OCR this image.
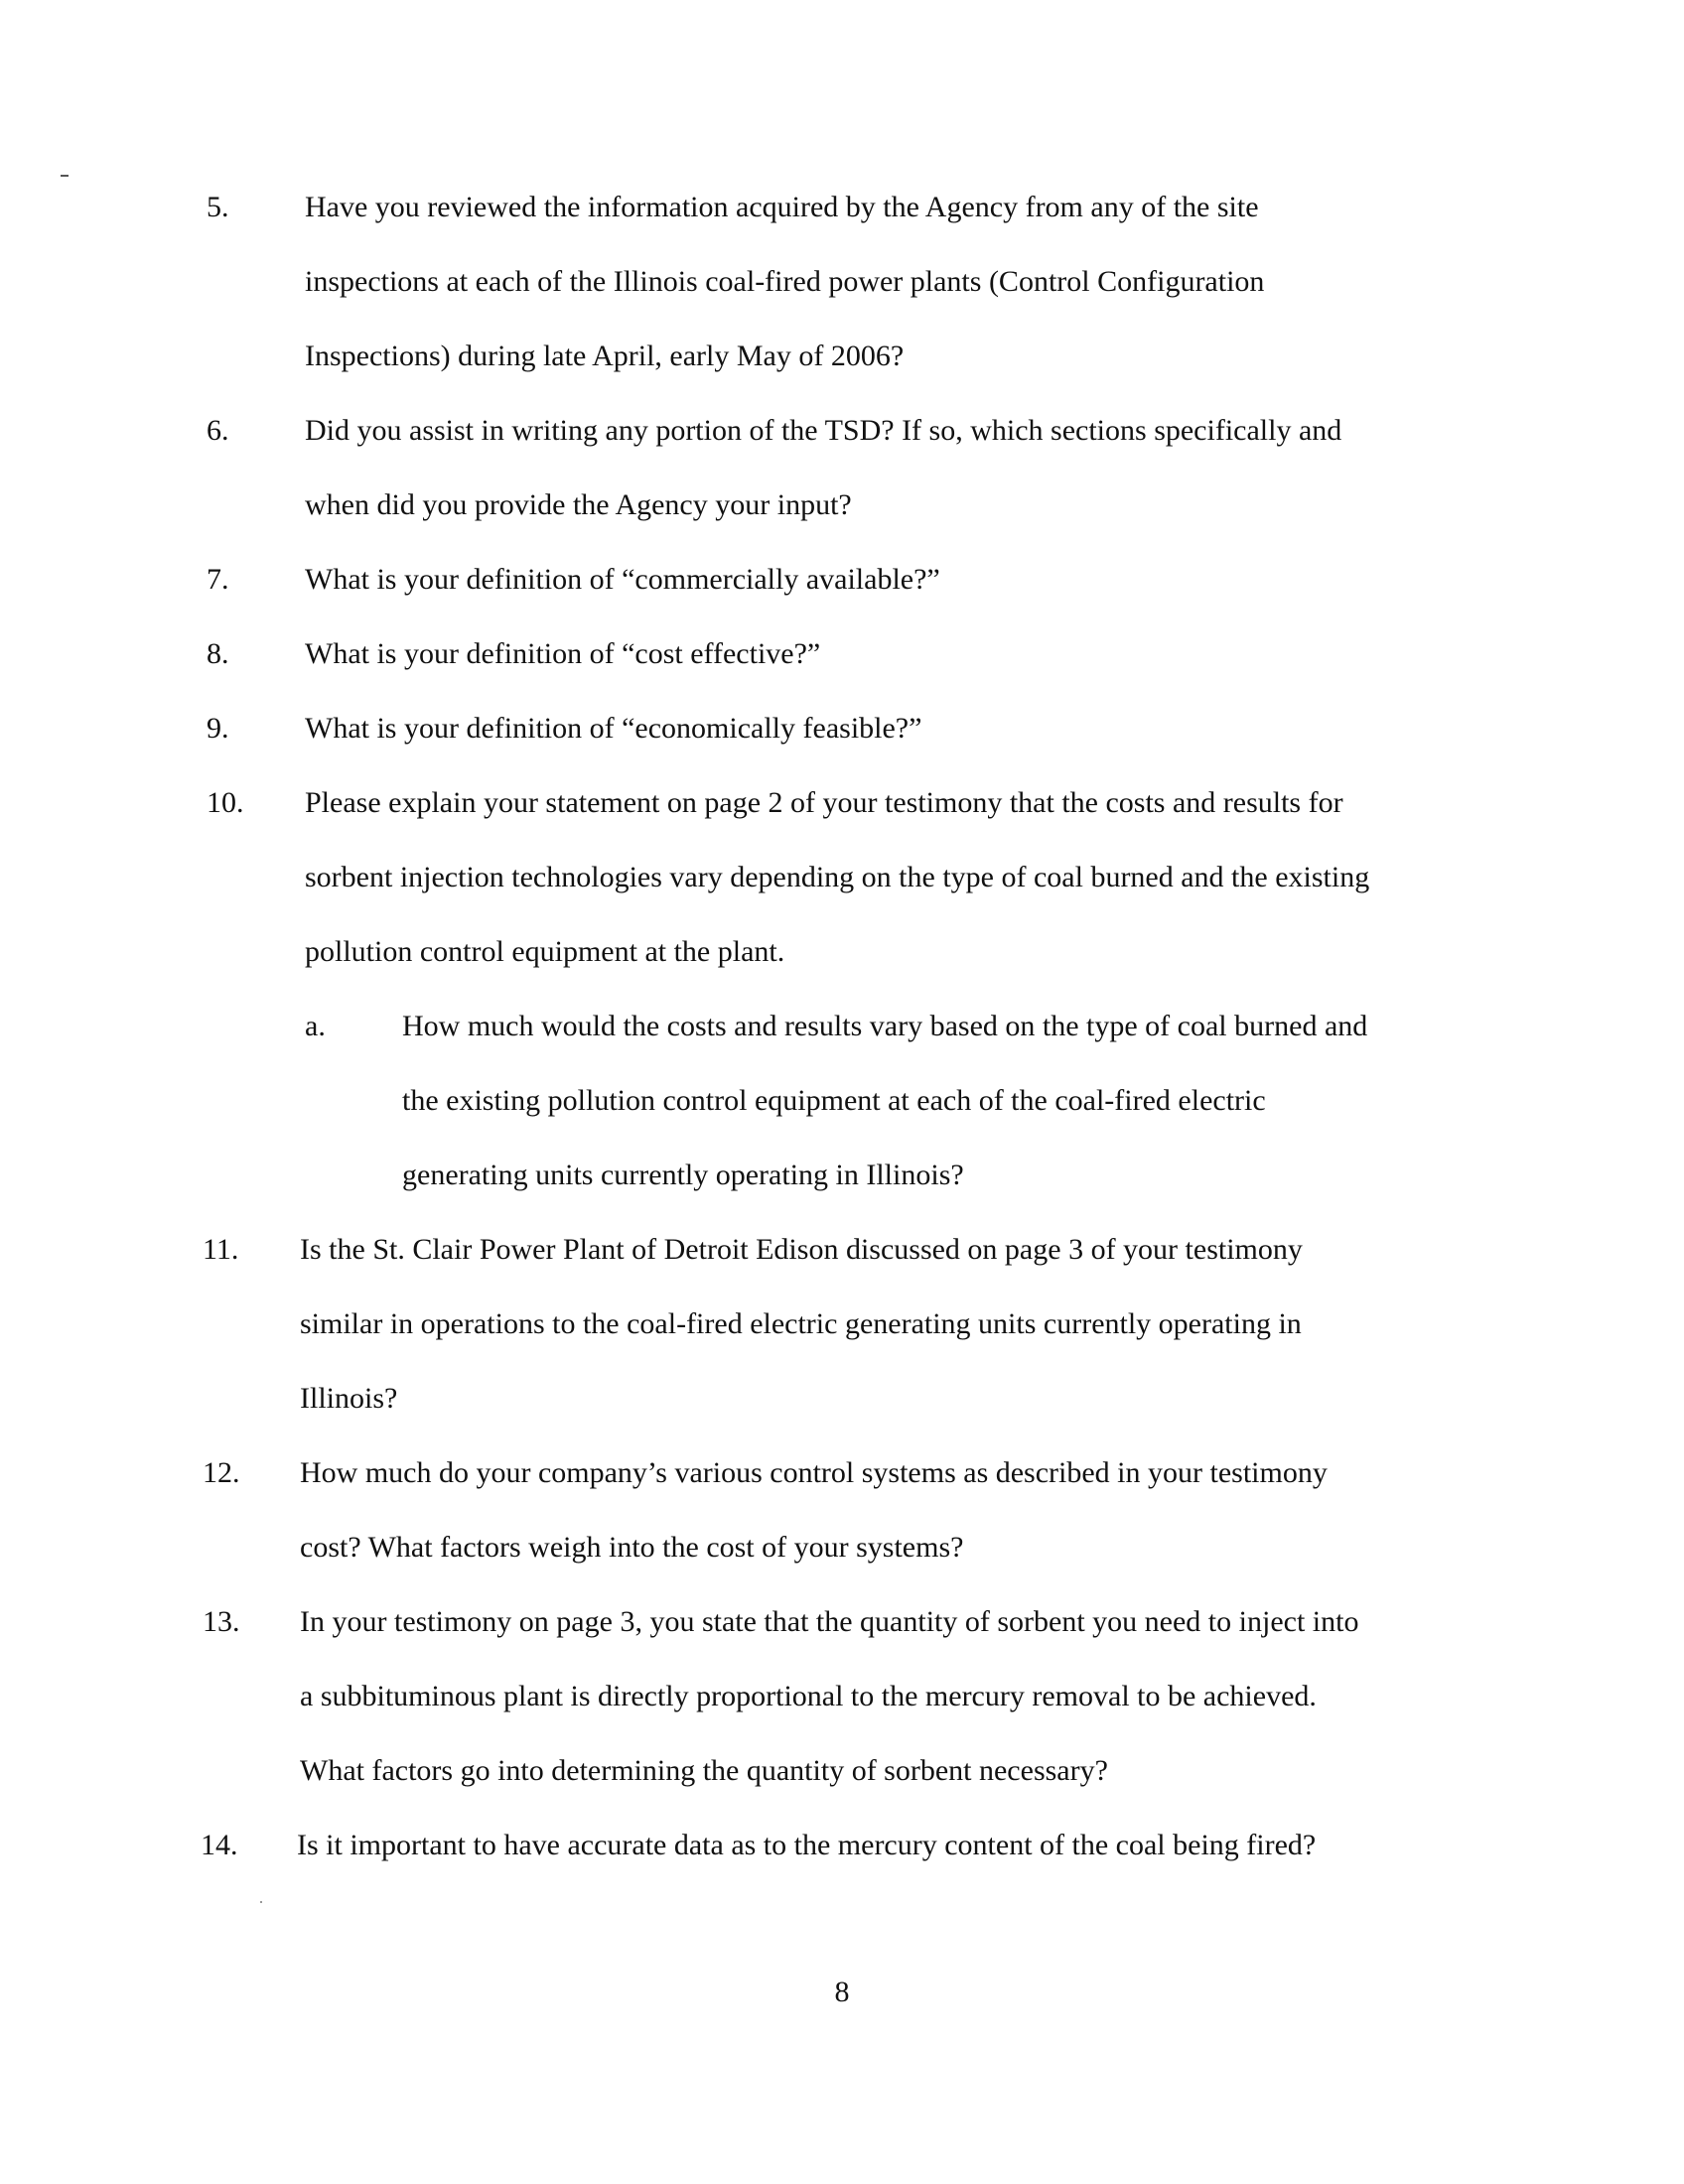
5.	Have you reviewed the information acquired by the Agency from any of the site
inspections at each of the Illinois coal-fired power plants (Control Configuration
Inspections) during late April, early May of 2006?
6.	Did you assist in writing any portion of the TSD? If so, which sections specifically and
when did you provide the Agency your input?
7.	What is your definition of “commercially available?”
8.	What is your definition of “cost effective?”
9.	What is your definition of “economically feasible?”
10. Please explain your statement on page 2 of your testimony that the costs and results for
sorbent injection technologies vary depending on the type of coal burned and the existing
pollution control equipment at the plant.
a.	How much would the costs and results vary based on the type of coal burned and
the existing pollution control equipment at each of the coal-fired electric
generating units currently operating in Illinois?
11. Is the St. Clair Power Plant of Detroit Edison discussed on page 3 of your testimony
similar in operations to the coal-fired electric generating units currently operating in
Illinois?
12. How much do your company’s various control systems as described in your testimony
cost? What factors weigh into the cost of your systems?
13. In your testimony on page 3, you state that the quantity of sorbent you need to inject into
a subbituminous plant is directly proportional to the mercury removal to be achieved.
What factors go into determining the quantity of sorbent necessary?
14. Is it important to have accurate data as to the mercury content of the coal being fired?
8
